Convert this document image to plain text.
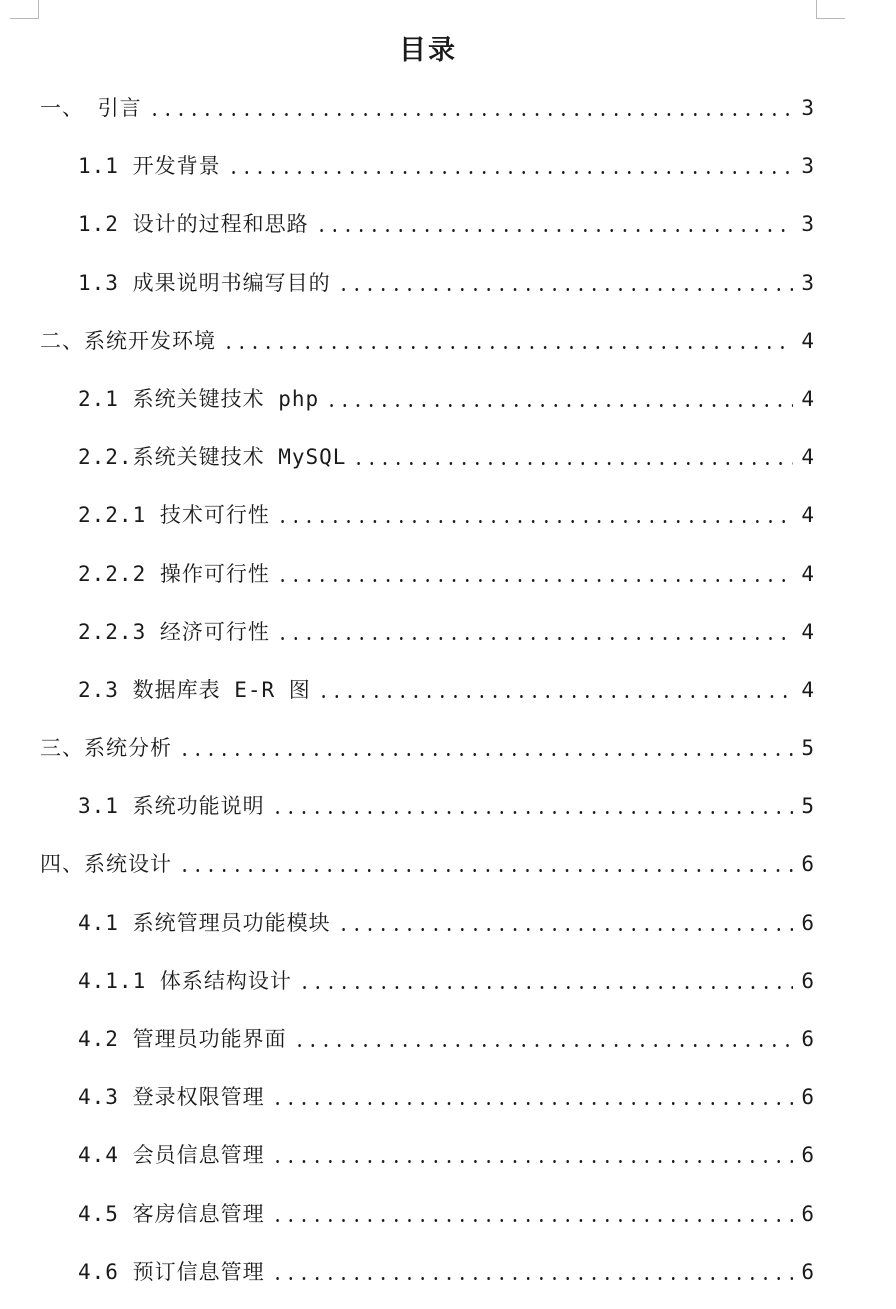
目录
一、 引言	3
1.1 开发背景	3
1.2 设计的过程和思路	3
1.3 成果说明书编写目的	3
二、系统开发环境	4
2.1 系统关键技术 php	4
2.2.系统关键技术 MySQL	4
2.2.1 技术可行性	4
2.2.2 操作可行性	4
2.2.3 经济可行性	4
2.3 数据库表 E-R 图	4
三、系统分析	5
3.1 系统功能说明	5
四、系统设计	6
4.1 系统管理员功能模块	6
4.1.1 体系结构设计	6
4.2 管理员功能界面	6
4.3 登录权限管理	6
4.4 会员信息管理	6
4.5 客房信息管理	6
4.6 预订信息管理	6
